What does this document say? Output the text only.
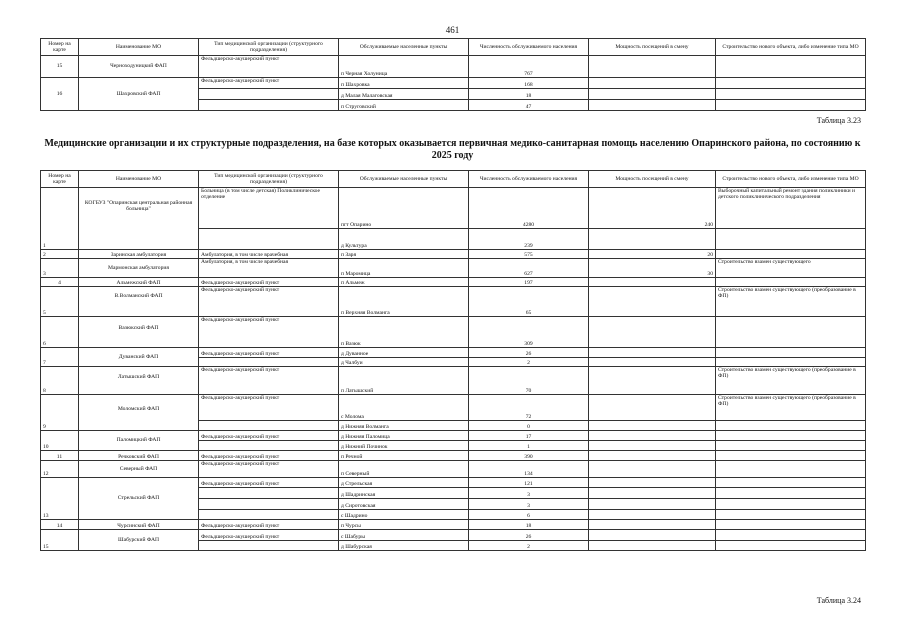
461
Номер на карте	Наименование МО	Тип медицинской организации (структурного подразделения)	Обслуживаемые населенные пункты	Численность обслуживаемого населения	Мощность посещений в смену	Строительство нового объекта, либо изменение типа МО
15	Черноходуницкий ФАП	Фельдшерско-акушерский пункт	п Черная Холуница	767		
16	Шахровский ФАП	Фельдшерско-акушерский пункт	п Шахровка	168		
			д Малая Малаговская	18		
			п Струговский	47		
Таблица 3.23
Медицинские организации и их структурные подразделения, на базе которых оказывается первичная медико-санитарная помощь населению Опаринского района, по состоянию к 2025 году
Номер на карте	Наименование МО	Тип медицинской организации (структурного подразделения)	Обслуживаемые населенные пункты	Численность обслуживаемого населения	Мощность посещений в смену	Строительство нового объекта, либо изменение типа МО
1	КОГБУЗ "Опаринская центральная районная больница"	Больница (в том числе детская) Поликлиническое отделение	пгт Опарино	4280	240	Выборочный капитальный ремонт здания поликлиники и детского поликлинического подразделения
			д Культура	239		
2	Заринская амбулатория	Амбулатория, в том числе врачебная	п Заря	575	20	
3	Мармонская амбулатория	Амбулатория, в том числе врачебная	п Маромица	627	30	Строительство взамен существующего
4	Альмежский ФАП	Фельдшерско-акушерский пункт	п Альмеж	197		
5	В.Волманский ФАП	Фельдшерско-акушерский пункт	п Верхняя Волманга	65		Строительство взамен существующего (преобразование в ФП)
6	Вазюкский ФАП	Фельдшерско-акушерский пункт	п Вазюк	309		
7	Дуванский ФАП	Фельдшерско-акушерский пункт	д Дуванное	26		
			д Чалбуи	2		
8	Латышский ФАП	Фельдшерско-акушерский пункт	п Латышский	70		Строительство взамен существующего (преобразование в ФП)
9	Моломский ФАП	Фельдшерско-акушерский пункт	с Молома	72		Строительство взамен существующего (преобразование в ФП)
			д Нижняя Волманга	0		
10	Паломицкий ФАП	Фельдшерско-акушерский пункт	д Нижняя Паломица	17		
			д Нижний Починок	1		
11	Речковский ФАП	Фельдшерско-акушерский пункт	п Речной	390		
12	Северный ФАП	Фельдшерско-акушерский пункт	п Северный	134		
13	Стрельский ФАП	Фельдшерско-акушерский пункт	д Стрельская	121		
			д Шадринская	3		
			д Сиротовская	3		
			с Шадрино	6		
14	Чурсинский ФАП	Фельдшерско-акушерский пункт	п Чурсы	18		
15	Шабурский ФАП	Фельдшерско-акушерский пункт	с Шабуры	26		
			д Шабурская	2		
Таблица 3.24
